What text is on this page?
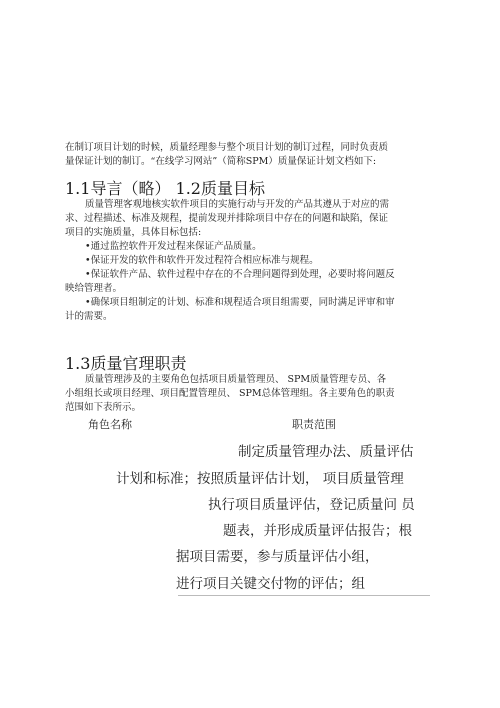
在制订项目计划的时候，质量经理参与整个项目计划的制订过程，同时负责质量保证计划的制订。“在线学习网站”（简称SPM）质量保证计划文档如下:
1.1导言（略） 1.2质量目标
质量管理客观地核实软件项目的实施行动与开发的产品其遵从于对应的需求、过程描述、标准及规程，提前发现并排除项目中存在的问题和缺陷，保证项目的实施质量，具体目标包括:
•通过监控软件开发过程来保证产品质量。
•保证开发的软件和软件开发过程符合相应标准与规程。
•保证软件产品、软件过程中存在的不合理问题得到处理，必要时将问题反映给管理者。
•确保项目组制定的计划、标准和规程适合项目组需要，同时满足评审和审计的需要。
1.3质量官理职责
质量管理涉及的主要角色包括项目质量管理员、 SPM质量管理专员、各小组组长或项目经理、项目配置管理员、 SPM总体管理组。各主要角色的职责范围如下表所示。
角色名称	职责范围
制定质量管理办法、质量评估
计划和标准；按照质量评估计划， 项目质量管理
执行项目质量评估，登记质量问 员
题表，并形成质量评估报告；根
据项目需要，参与质量评估小组，
进行项目关键交付物的评估；组
